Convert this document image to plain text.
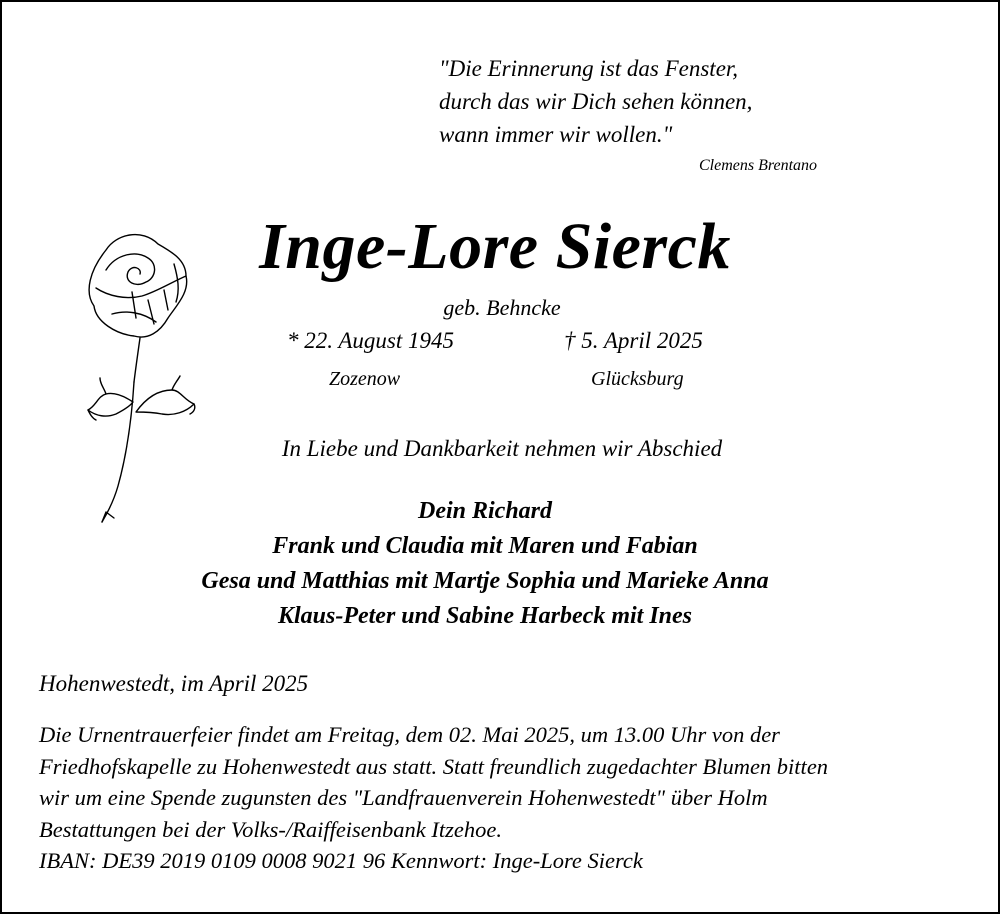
"Die Erinnerung ist das Fenster,
durch das wir Dich sehen können,
wann immer wir wollen."
Clemens Brentano
Inge-Lore Sierck
geb. Behncke
* 22. August 1945	† 5. April 2025
Zozenow	Glücksburg
In Liebe und Dankbarkeit nehmen wir Abschied
Dein Richard
Frank und Claudia mit Maren und Fabian
Gesa und Matthias mit Martje Sophia und Marieke Anna
Klaus-Peter und Sabine Harbeck mit Ines
Hohenwestedt, im April 2025
Die Urnentrauerfeier findet am Freitag, dem 02. Mai 2025, um 13.00 Uhr von der
Friedhofskapelle zu Hohenwestedt aus statt. Statt freundlich zugedachter Blumen bitten
wir um eine Spende zugunsten des "Landfrauenverein Hohenwestedt" über Holm
Bestattungen bei der Volks-/Raiffeisenbank Itzehoe.
IBAN: DE39 2019 0109 0008 9021 96 Kennwort: Inge-Lore Sierck
